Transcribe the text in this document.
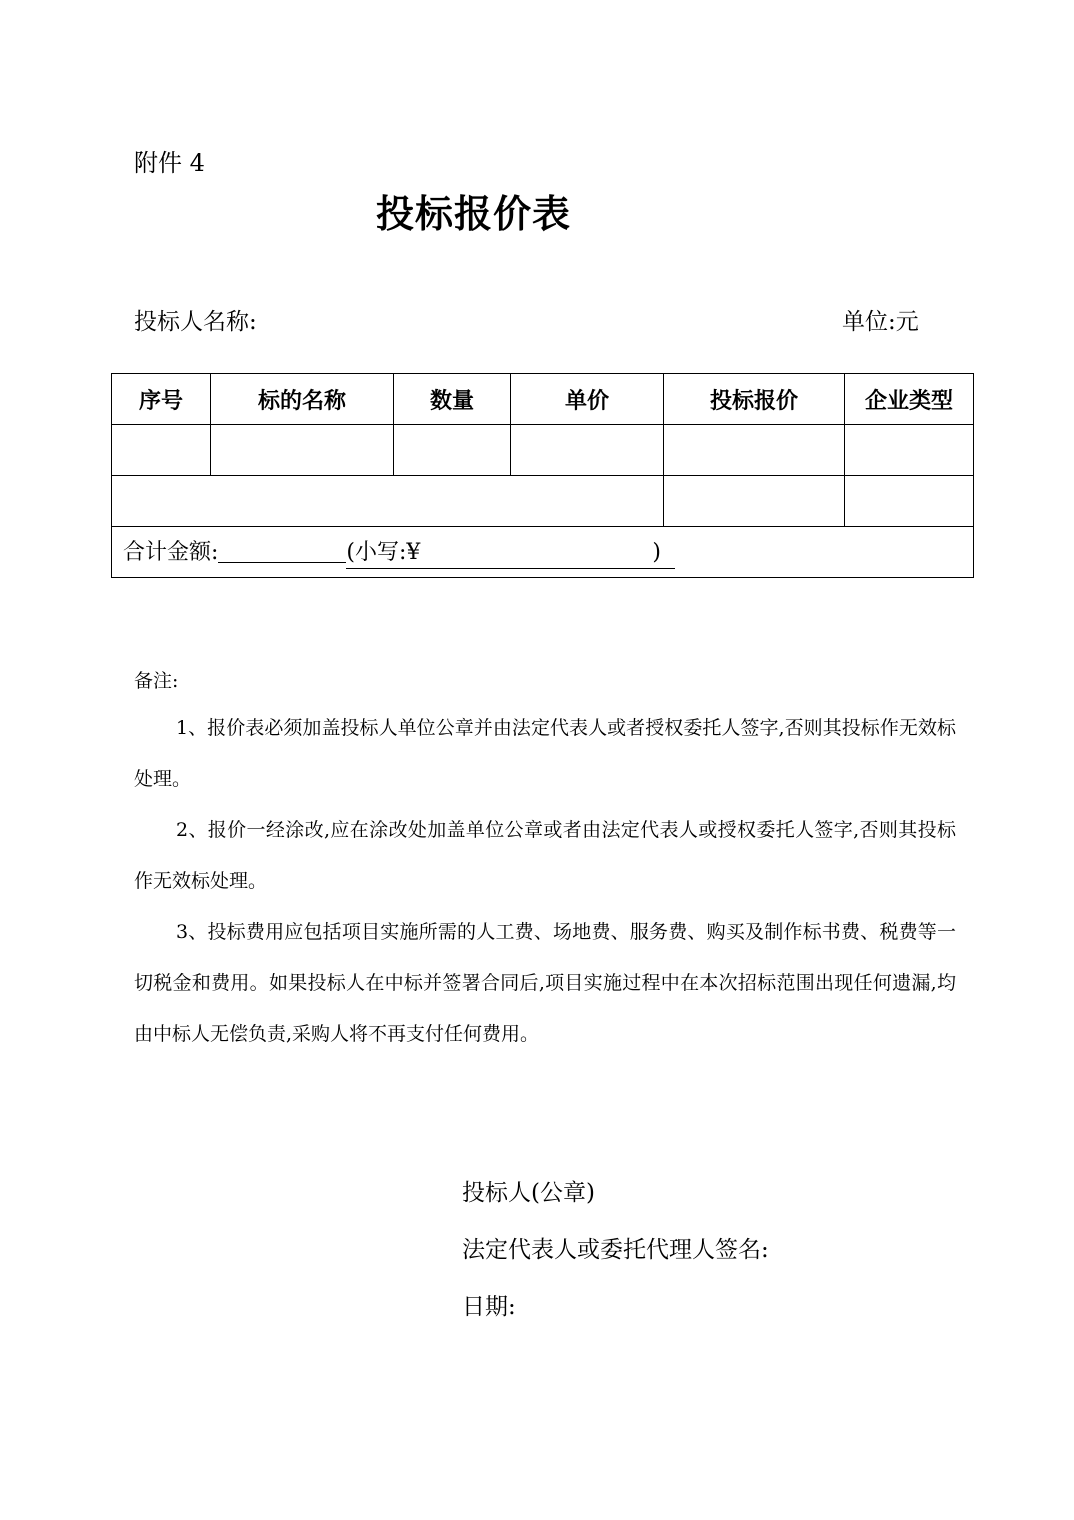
附件 4
投标报价表
投标人名称:	单位:元
序号	标的名称	数量	单价	投标报价	企业类型

合计金额: (小写:¥ )					
备注:

1、报价表必须加盖投标人单位公章并由法定代表人或者授权委托人签字,否则其投标作无效标处理。

2、报价一经涂改,应在涂改处加盖单位公章或者由法定代表人或授权委托人签字,否则其投标作无效标处理。

3、投标费用应包括项目实施所需的人工费、场地费、服务费、购买及制作标书费、税费等一切税金和费用。如果投标人在中标并签署合同后,项目实施过程中在本次招标范围出现任何遗漏,均由中标人无偿负责,采购人将不再支付任何费用。

投标人(公章)
法定代表人或委托代理人签名:
日期:
